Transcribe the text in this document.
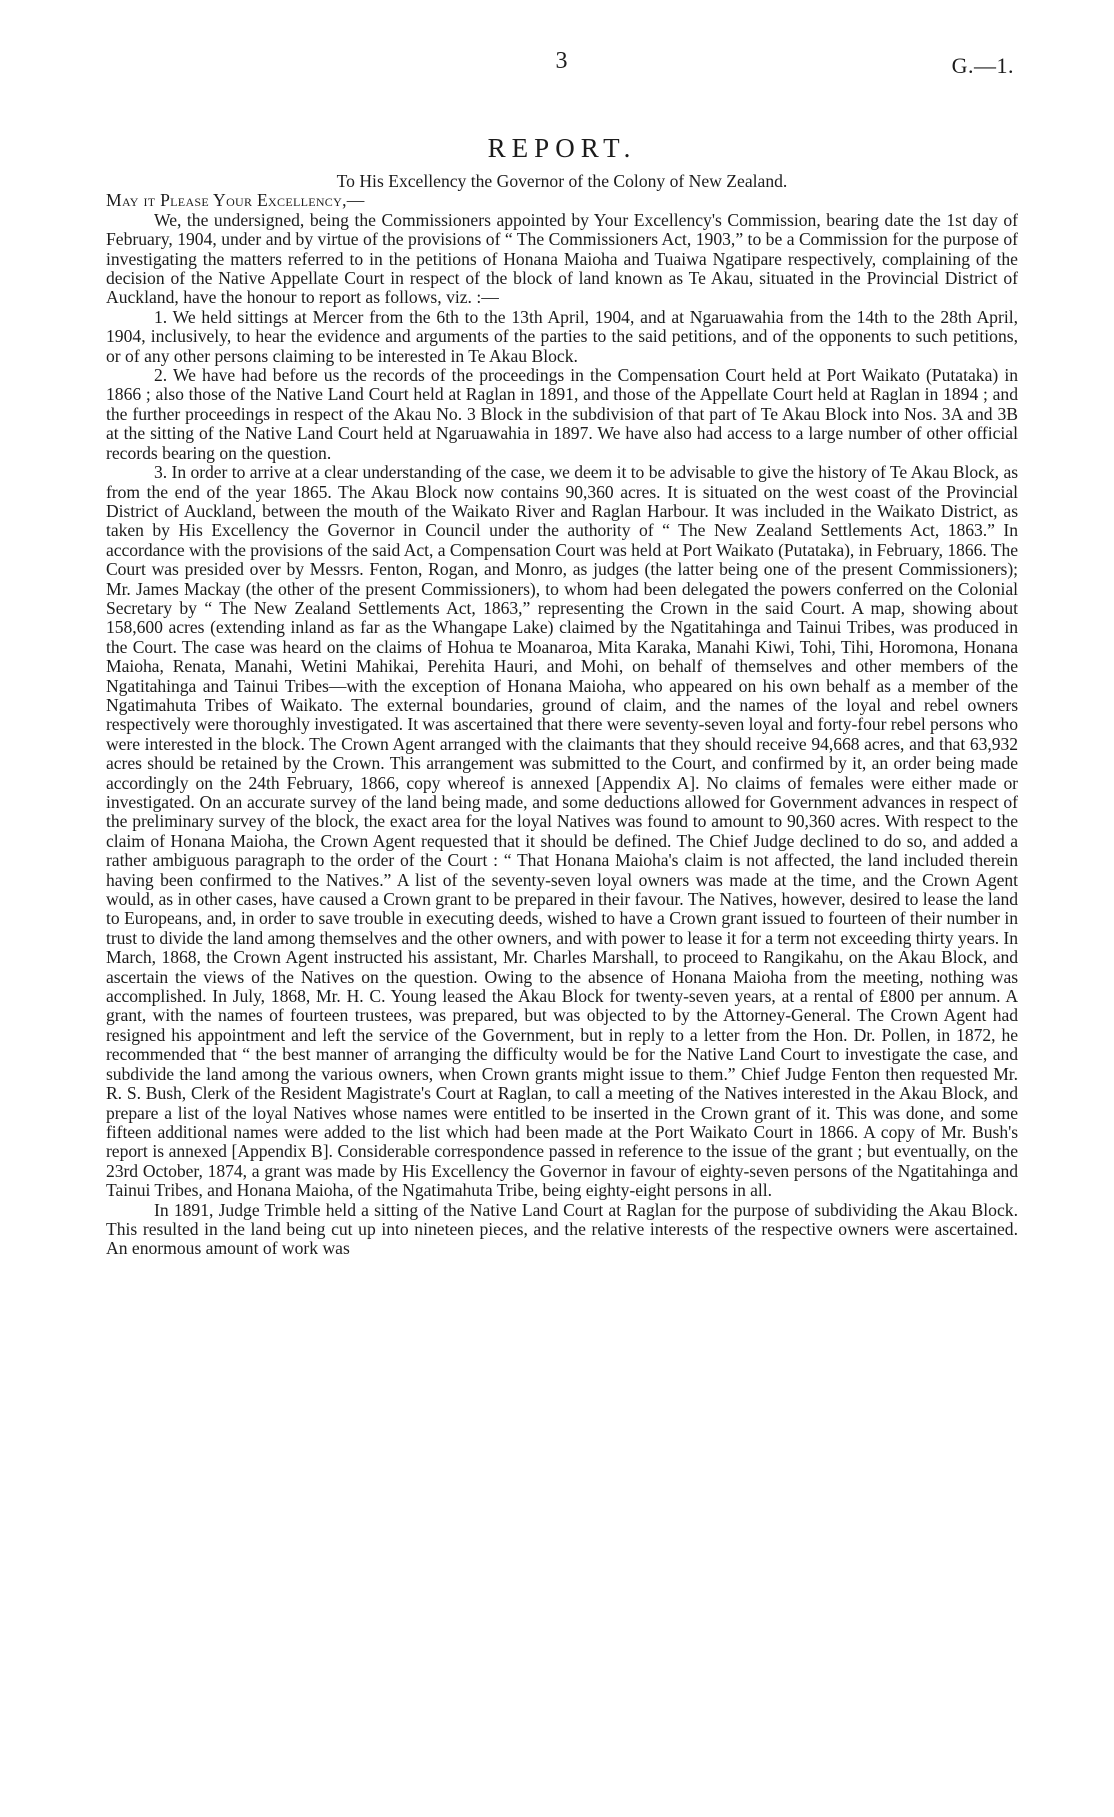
3	G.—1.
REPORT.

To His Excellency the Governor of the Colony of New Zealand.

May it Please Your Excellency,—

We, the undersigned, being the Commissioners appointed by Your Excellency's Commission, bearing date the 1st day of February, 1904, under and by virtue of the provisions of “ The Commissioners Act, 1903,” to be a Commission for the purpose of investigating the matters referred to in the petitions of Honana Maioha and Tuaiwa Ngatipare respectively, complaining of the decision of the Native Appellate Court in respect of the block of land known as Te Akau, situated in the Provincial District of Auckland, have the honour to report as follows, viz. :—

1. We held sittings at Mercer from the 6th to the 13th April, 1904, and at Ngaruawahia from the 14th to the 28th April, 1904, inclusively, to hear the evidence and arguments of the parties to the said petitions, and of the opponents to such petitions, or of any other persons claiming to be interested in Te Akau Block.

2. We have had before us the records of the proceedings in the Compensation Court held at Port Waikato (Putataka) in 1866 ; also those of the Native Land Court held at Raglan in 1891, and those of the Appellate Court held at Raglan in 1894 ; and the further proceedings in respect of the Akau No. 3 Block in the subdivision of that part of Te Akau Block into Nos. 3A and 3B at the sitting of the Native Land Court held at Ngaruawahia in 1897. We have also had access to a large number of other official records bearing on the question.

3. In order to arrive at a clear understanding of the case, we deem it to be advisable to give the history of Te Akau Block, as from the end of the year 1865. The Akau Block now contains 90,360 acres. It is situated on the west coast of the Provincial District of Auckland, between the mouth of the Waikato River and Raglan Harbour. It was included in the Waikato District, as taken by His Excellency the Governor in Council under the authority of “ The New Zealand Settlements Act, 1863.” In accordance with the provisions of the said Act, a Compensation Court was held at Port Waikato (Putataka), in February, 1866. The Court was presided over by Messrs. Fenton, Rogan, and Monro, as judges (the latter being one of the present Commissioners); Mr. James Mackay (the other of the present Commissioners), to whom had been delegated the powers conferred on the Colonial Secretary by “ The New Zealand Settlements Act, 1863,” representing the Crown in the said Court. A map, showing about 158,600 acres (extending inland as far as the Whangape Lake) claimed by the Ngatitahinga and Tainui Tribes, was produced in the Court. The case was heard on the claims of Hohua te Moanaroa, Mita Karaka, Manahi Kiwi, Tohi, Tihi, Horomona, Honana Maioha, Renata, Manahi, Wetini Mahikai, Perehita Hauri, and Mohi, on behalf of themselves and other members of the Ngatitahinga and Tainui Tribes—with the exception of Honana Maioha, who appeared on his own behalf as a member of the Ngatimahuta Tribes of Waikato. The external boundaries, ground of claim, and the names of the loyal and rebel owners respectively were thoroughly investigated. It was ascertained that there were seventy-seven loyal and forty-four rebel persons who were interested in the block. The Crown Agent arranged with the claimants that they should receive 94,668 acres, and that 63,932 acres should be retained by the Crown. This arrangement was submitted to the Court, and confirmed by it, an order being made accordingly on the 24th February, 1866, copy whereof is annexed [Appendix A]. No claims of females were either made or investigated. On an accurate survey of the land being made, and some deductions allowed for Government advances in respect of the preliminary survey of the block, the exact area for the loyal Natives was found to amount to 90,360 acres. With respect to the claim of Honana Maioha, the Crown Agent requested that it should be defined. The Chief Judge declined to do so, and added a rather ambiguous paragraph to the order of the Court : “ That Honana Maioha's claim is not affected, the land included therein having been confirmed to the Natives.” A list of the seventy-seven loyal owners was made at the time, and the Crown Agent would, as in other cases, have caused a Crown grant to be prepared in their favour. The Natives, however, desired to lease the land to Europeans, and, in order to save trouble in executing deeds, wished to have a Crown grant issued to fourteen of their number in trust to divide the land among themselves and the other owners, and with power to lease it for a term not exceeding thirty years. In March, 1868, the Crown Agent instructed his assistant, Mr. Charles Marshall, to proceed to Rangikahu, on the Akau Block, and ascertain the views of the Natives on the question. Owing to the absence of Honana Maioha from the meeting, nothing was accomplished. In July, 1868, Mr. H. C. Young leased the Akau Block for twenty-seven years, at a rental of £800 per annum. A grant, with the names of fourteen trustees, was prepared, but was objected to by the Attorney-General. The Crown Agent had resigned his appointment and left the service of the Government, but in reply to a letter from the Hon. Dr. Pollen, in 1872, he recommended that “ the best manner of arranging the difficulty would be for the Native Land Court to investigate the case, and subdivide the land among the various owners, when Crown grants might issue to them.” Chief Judge Fenton then requested Mr. R. S. Bush, Clerk of the Resident Magistrate's Court at Raglan, to call a meeting of the Natives interested in the Akau Block, and prepare a list of the loyal Natives whose names were entitled to be inserted in the Crown grant of it. This was done, and some fifteen additional names were added to the list which had been made at the Port Waikato Court in 1866. A copy of Mr. Bush's report is annexed [Appendix B]. Considerable correspondence passed in reference to the issue of the grant ; but eventually, on the 23rd October, 1874, a grant was made by His Excellency the Governor in favour of eighty-seven persons of the Ngatitahinga and Tainui Tribes, and Honana Maioha, of the Ngatimahuta Tribe, being eighty-eight persons in all.

In 1891, Judge Trimble held a sitting of the Native Land Court at Raglan for the purpose of subdividing the Akau Block. This resulted in the land being cut up into nineteen pieces, and the relative interests of the respective owners were ascertained. An enormous amount of work was
